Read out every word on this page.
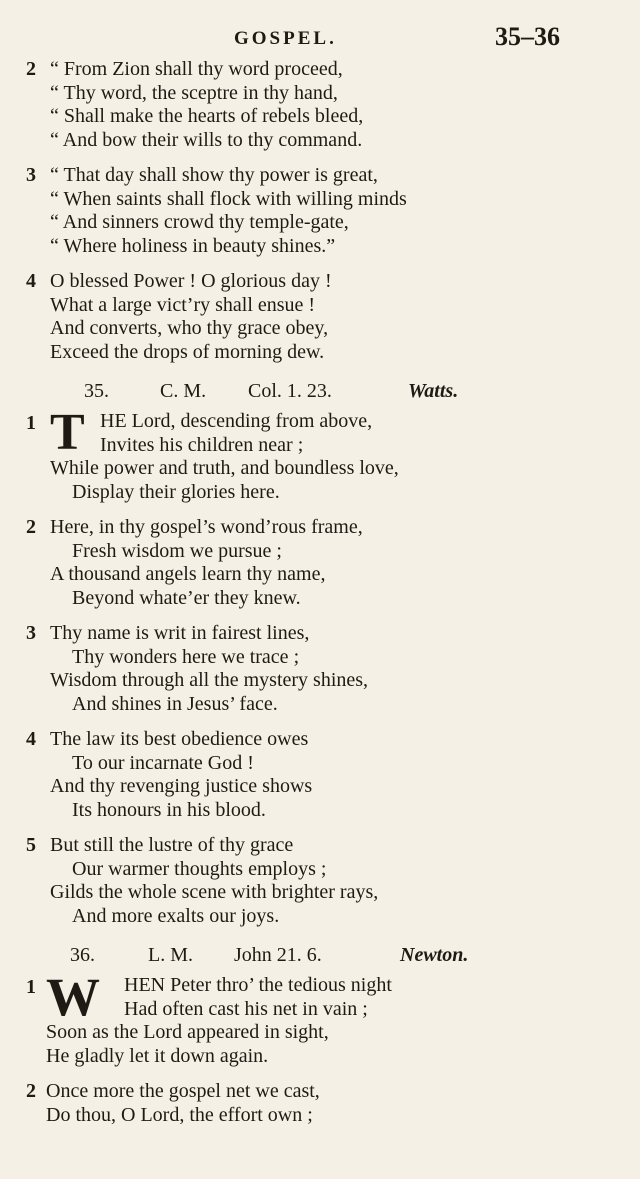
GOSPEL.	35–36
2 “ From Zion shall thy word proceed,
“ Thy word, the sceptre in thy hand,
“ Shall make the hearts of rebels bleed,
“ And bow their wills to thy command.
3 “ That day shall show thy power is great,
“ When saints shall flock with willing minds
“ And sinners crowd thy temple-gate,
“ Where holiness in beauty shines.”
4 O blessed Power ! O glorious day !
What a large vict’ry shall ensue !
And converts, who thy grace obey,
Exceed the drops of morning dew.
35.	C. M. Col. 1. 23.	Watts.
1 T HE Lord, descending from above,
Invites his children near ;
While power and truth, and boundless love,
Display their glories here.
2 Here, in thy gospel’s wond’rous frame,
Fresh wisdom we pursue ;
A thousand angels learn thy name,
Beyond whate’er they knew.
3 Thy name is writ in fairest lines,
Thy wonders here we trace ;
Wisdom through all the mystery shines,
And shines in Jesus’ face.
4 The law its best obedience owes
To our incarnate God !
And thy revenging justice shows
Its honours in his blood.
5 But still the lustre of thy grace
Our warmer thoughts employs ;
Gilds the whole scene with brighter rays,
And more exalts our joys.
36.	L. M. John 21. 6.	Newton.
1 W	HEN Peter thro’ the tedious night
Had often cast his net in vain ;
Soon as the Lord appeared in sight,
He gladly let it down again.
2 Once more the gospel net we cast,
Do thou, O Lord, the effort own ;
